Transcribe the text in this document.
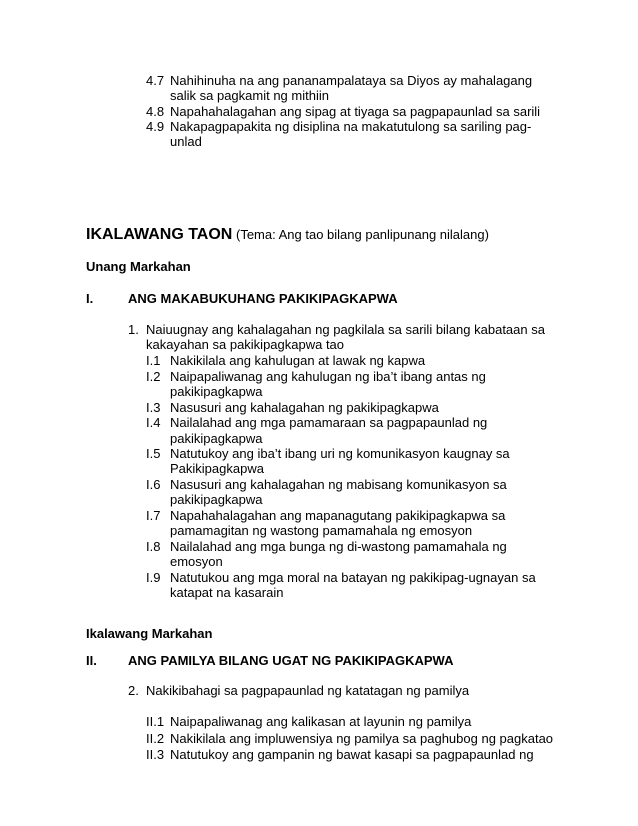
4.7 Nahihinuha na ang pananampalataya sa Diyos ay mahalagang
salik sa pagkamit ng mithiin
4.8 Napahahalagahan ang sipag at tiyaga sa pagpapaunlad sa sarili
4.9 Nakapagpapakita ng disiplina na makatutulong sa sariling pag-
unlad
IKALAWANG TAON (Tema: Ang tao bilang panlipunang nilalang)
Unang Markahan
I.	ANG MAKABUKUHANG PAKIKIPAGKAPWA
1. Naiuugnay ang kahalagahan ng pagkilala sa sarili bilang kabataan sa
kakayahan sa pakikipagkapwa tao
I.1 Nakikilala ang kahulugan at lawak ng kapwa
I.2 Naipapaliwanag ang kahulugan ng iba’t ibang antas ng
pakikipagkapwa
I.3 Nasusuri ang kahalagahan ng pakikipagkapwa
I.4 Nailalahad ang mga pamamaraan sa pagpapaunlad ng
pakikipagkapwa
I.5 Natutukoy ang iba’t ibang uri ng komunikasyon kaugnay sa
Pakikipagkapwa
I.6 Nasusuri ang kahalagahan ng mabisang komunikasyon sa
pakikipagkapwa
I.7 Napahahalagahan ang mapanagutang pakikipagkapwa sa
pamamagitan ng wastong pamamahala ng emosyon
I.8 Nailalahad ang mga bunga ng di-wastong pamamahala ng
emosyon
I.9 Natutukou ang mga moral na batayan ng pakikipag-ugnayan sa
katapat na kasarain
Ikalawang Markahan
II. ANG PAMILYA BILANG UGAT NG PAKIKIPAGKAPWA
2. Nakikibahagi sa pagpapaunlad ng katatagan ng pamilya
II.1 Naipapaliwanag ang kalikasan at layunin ng pamilya
II.2 Nakikilala ang impluwensiya ng pamilya sa paghubog ng pagkatao
II.3 Natutukoy ang gampanin ng bawat kasapi sa pagpapaunlad ng
